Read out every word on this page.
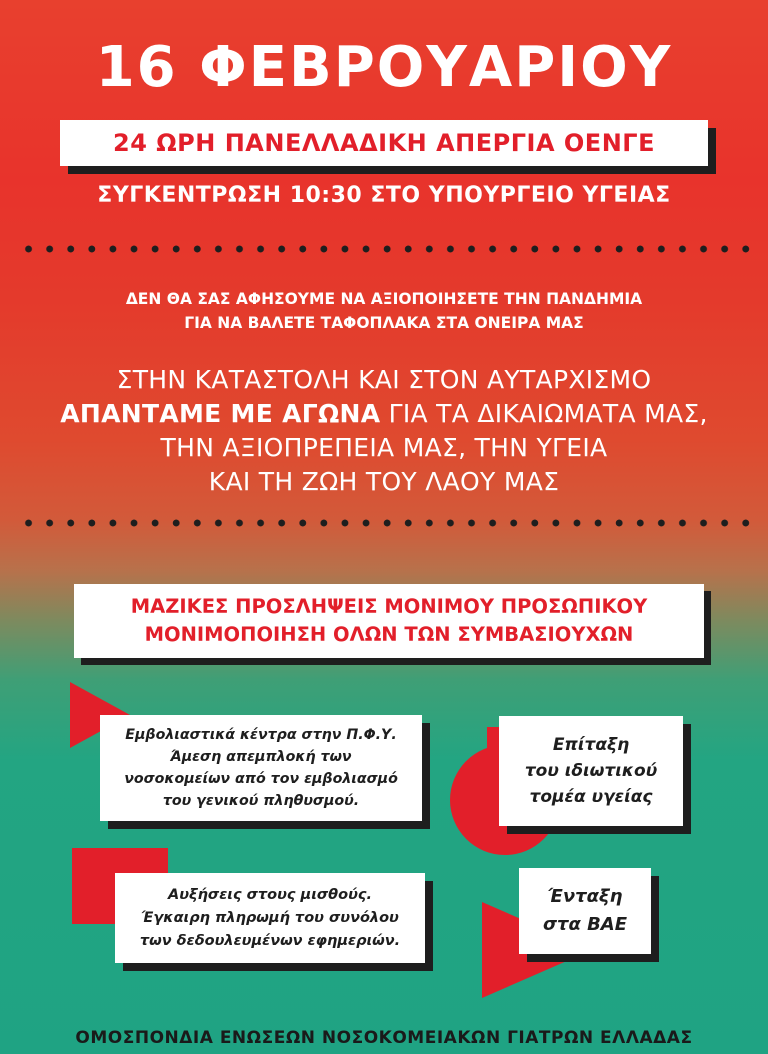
16 ΦΕΒΡΟΥΑΡΙΟΥ
24 ΩΡΗ ΠΑΝΕΛΛΑΔΙΚΗ ΑΠΕΡΓΙΑ ΟΕΝΓΕ
ΣΥΓΚΕΝΤΡΩΣΗ 10:30 ΣΤΟ ΥΠΟΥΡΓΕΙΟ ΥΓΕΙΑΣ
ΔΕΝ ΘΑ ΣΑΣ ΑΦΗΣΟΥΜΕ ΝΑ ΑΞΙΟΠΟΙΗΣΕΤΕ ΤΗΝ ΠΑΝΔΗΜΙΑ
ΓΙΑ ΝΑ ΒΑΛΕΤΕ ΤΑΦΟΠΛΑΚΑ ΣΤΑ ΟΝΕΙΡΑ ΜΑΣ
ΣΤΗΝ ΚΑΤΑΣΤΟΛΗ ΚΑΙ ΣΤΟΝ ΑΥΤΑΡΧΙΣΜΟ
ΑΠΑΝΤΑΜΕ ΜΕ ΑΓΩΝΑ ΓΙΑ ΤΑ ΔΙΚΑΙΩΜΑΤΑ ΜΑΣ,
ΤΗΝ ΑΞΙΟΠΡΕΠΕΙΑ ΜΑΣ, ΤΗΝ ΥΓΕΙΑ
ΚΑΙ ΤΗ ΖΩΗ ΤΟΥ ΛΑΟΥ ΜΑΣ
ΜΑΖΙΚΕΣ ΠΡΟΣΛΗΨΕΙΣ ΜΟΝΙΜΟΥ ΠΡΟΣΩΠΙΚΟΥ
ΜΟΝΙΜΟΠΟΙΗΣΗ ΟΛΩΝ ΤΩΝ ΣΥΜΒΑΣΙΟΥΧΩΝ
Εμβολιαστικά κέντρα στην Π.Φ.Υ.
Άμεση απεμπλοκή των
νοσοκομείων από τον εμβολιασμό
του γενικού πληθυσμού.
Επίταξη
του ιδιωτικού
τομέα υγείας
Αυξήσεις στους μισθούς.
Έγκαιρη πληρωμή του συνόλου
των δεδουλευμένων εφημεριών.
Ένταξη
στα ΒΑΕ
ΟΜΟΣΠΟΝΔΙΑ ΕΝΩΣΕΩΝ ΝΟΣΟΚΟΜΕΙΑΚΩΝ ΓΙΑΤΡΩΝ ΕΛΛΑΔΑΣ
